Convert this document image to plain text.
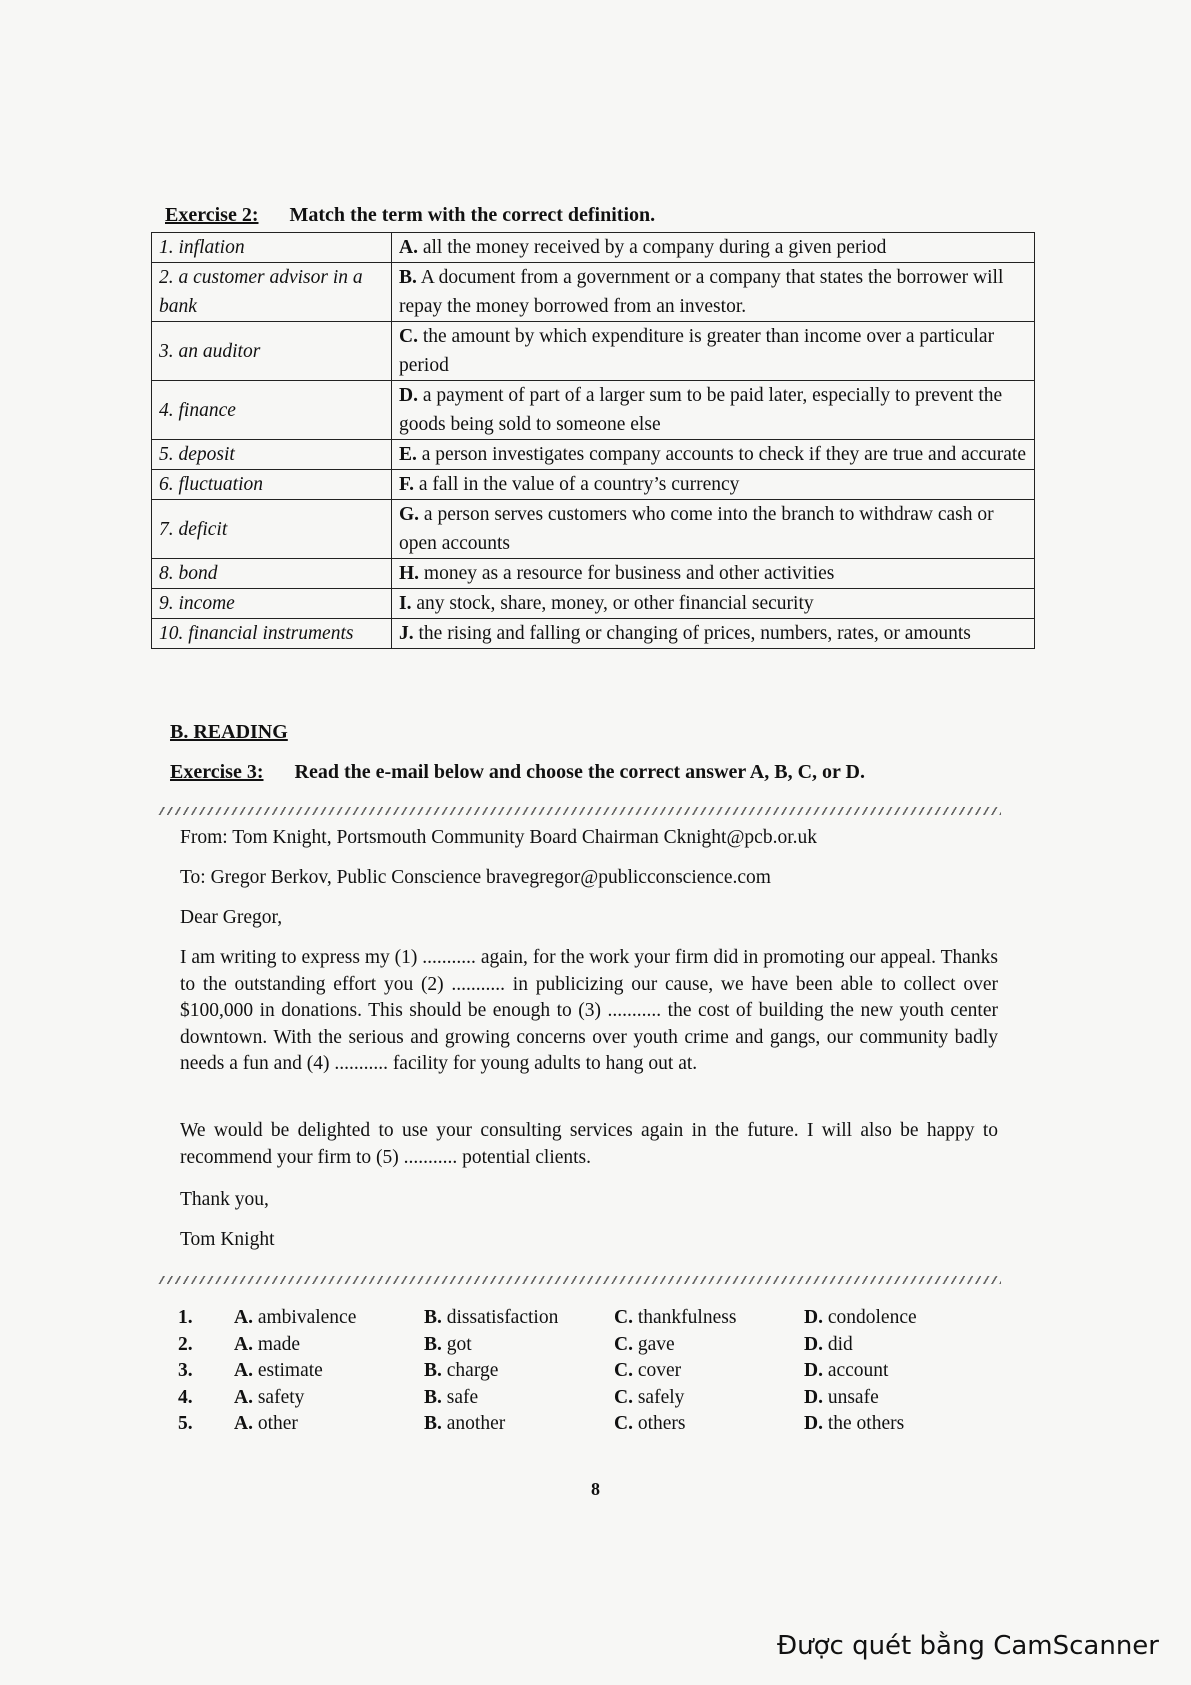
Exercise 2: Match the term with the correct definition.
1. inflation	A. all the money received by a company during a given period
2. a customer advisor in a bank	B. A document from a government or a company that states the borrower will repay the money borrowed from an investor.
3. an auditor	C. the amount by which expenditure is greater than income over a particular period
4. finance	D. a payment of part of a larger sum to be paid later, especially to prevent the goods being sold to someone else
5. deposit	E. a person investigates company accounts to check if they are true and accurate
6. fluctuation	F. a fall in the value of a country’s currency
7. deficit	G. a person serves customers who come into the branch to withdraw cash or open accounts
8. bond	H. money as a resource for business and other activities
9. income	I. any stock, share, money, or other financial security
10. financial instruments	J. the rising and falling or changing of prices, numbers, rates, or amounts
B. READING
Exercise 3: Read the e-mail below and choose the correct answer A, B, C, or D.
From: Tom Knight, Portsmouth Community Board Chairman Cknight@pcb.or.uk
To: Gregor Berkov, Public Conscience bravegregor@publicconscience.com
Dear Gregor,

I am writing to express my (1) ........... again, for the work your firm did in promoting our appeal. Thanks to the outstanding effort you (2) ........... in publicizing our cause, we have been able to collect over $100,000 in donations. This should be enough to (3) ........... the cost of building the new youth center downtown. With the serious and growing concerns over youth crime and gangs, our community badly needs a fun and (4) ........... facility for young adults to hang out at.

We would be delighted to use your consulting services again in the future. I will also be happy to recommend your firm to (5) ........... potential clients.

Thank you,
Tom Knight
1.	A. ambivalence	B. dissatisfaction	C. thankfulness	D. condolence
2.	A. made	B. got	C. gave	D. did
3.	A. estimate	B. charge	C. cover	D. account
4.	A. safety	B. safe	C. safely	D. unsafe
5.	A. other	B. another	C. others	D. the others
8
Được quét bằng CamScanner
